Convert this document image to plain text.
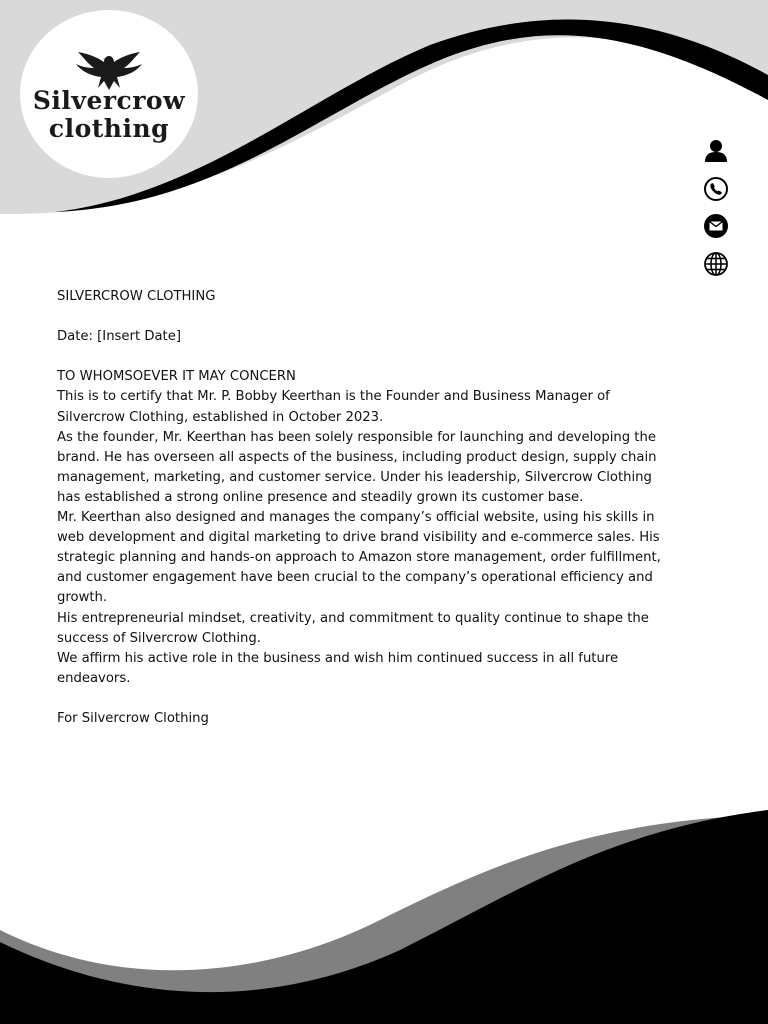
Silvercrow
clothing

SILVERCROW CLOTHING

Date: [Insert Date]

TO WHOMSOEVER IT MAY CONCERN

This is to certify that Mr. P. Bobby Keerthan is the Founder and Business Manager of Silvercrow Clothing, established in October 2023.

As the founder, Mr. Keerthan has been solely responsible for launching and developing the brand. He has overseen all aspects of the business, including product design, supply chain management, marketing, and customer service. Under his leadership, Silvercrow Clothing has established a strong online presence and steadily grown its customer base.

Mr. Keerthan also designed and manages the company’s official website, using his skills in web development and digital marketing to drive brand visibility and e-commerce sales. His strategic planning and hands-on approach to Amazon store management, order fulfillment, and customer engagement have been crucial to the company’s operational efficiency and growth.

His entrepreneurial mindset, creativity, and commitment to quality continue to shape the success of Silvercrow Clothing.

We affirm his active role in the business and wish him continued success in all future endeavors.

For Silvercrow Clothing
